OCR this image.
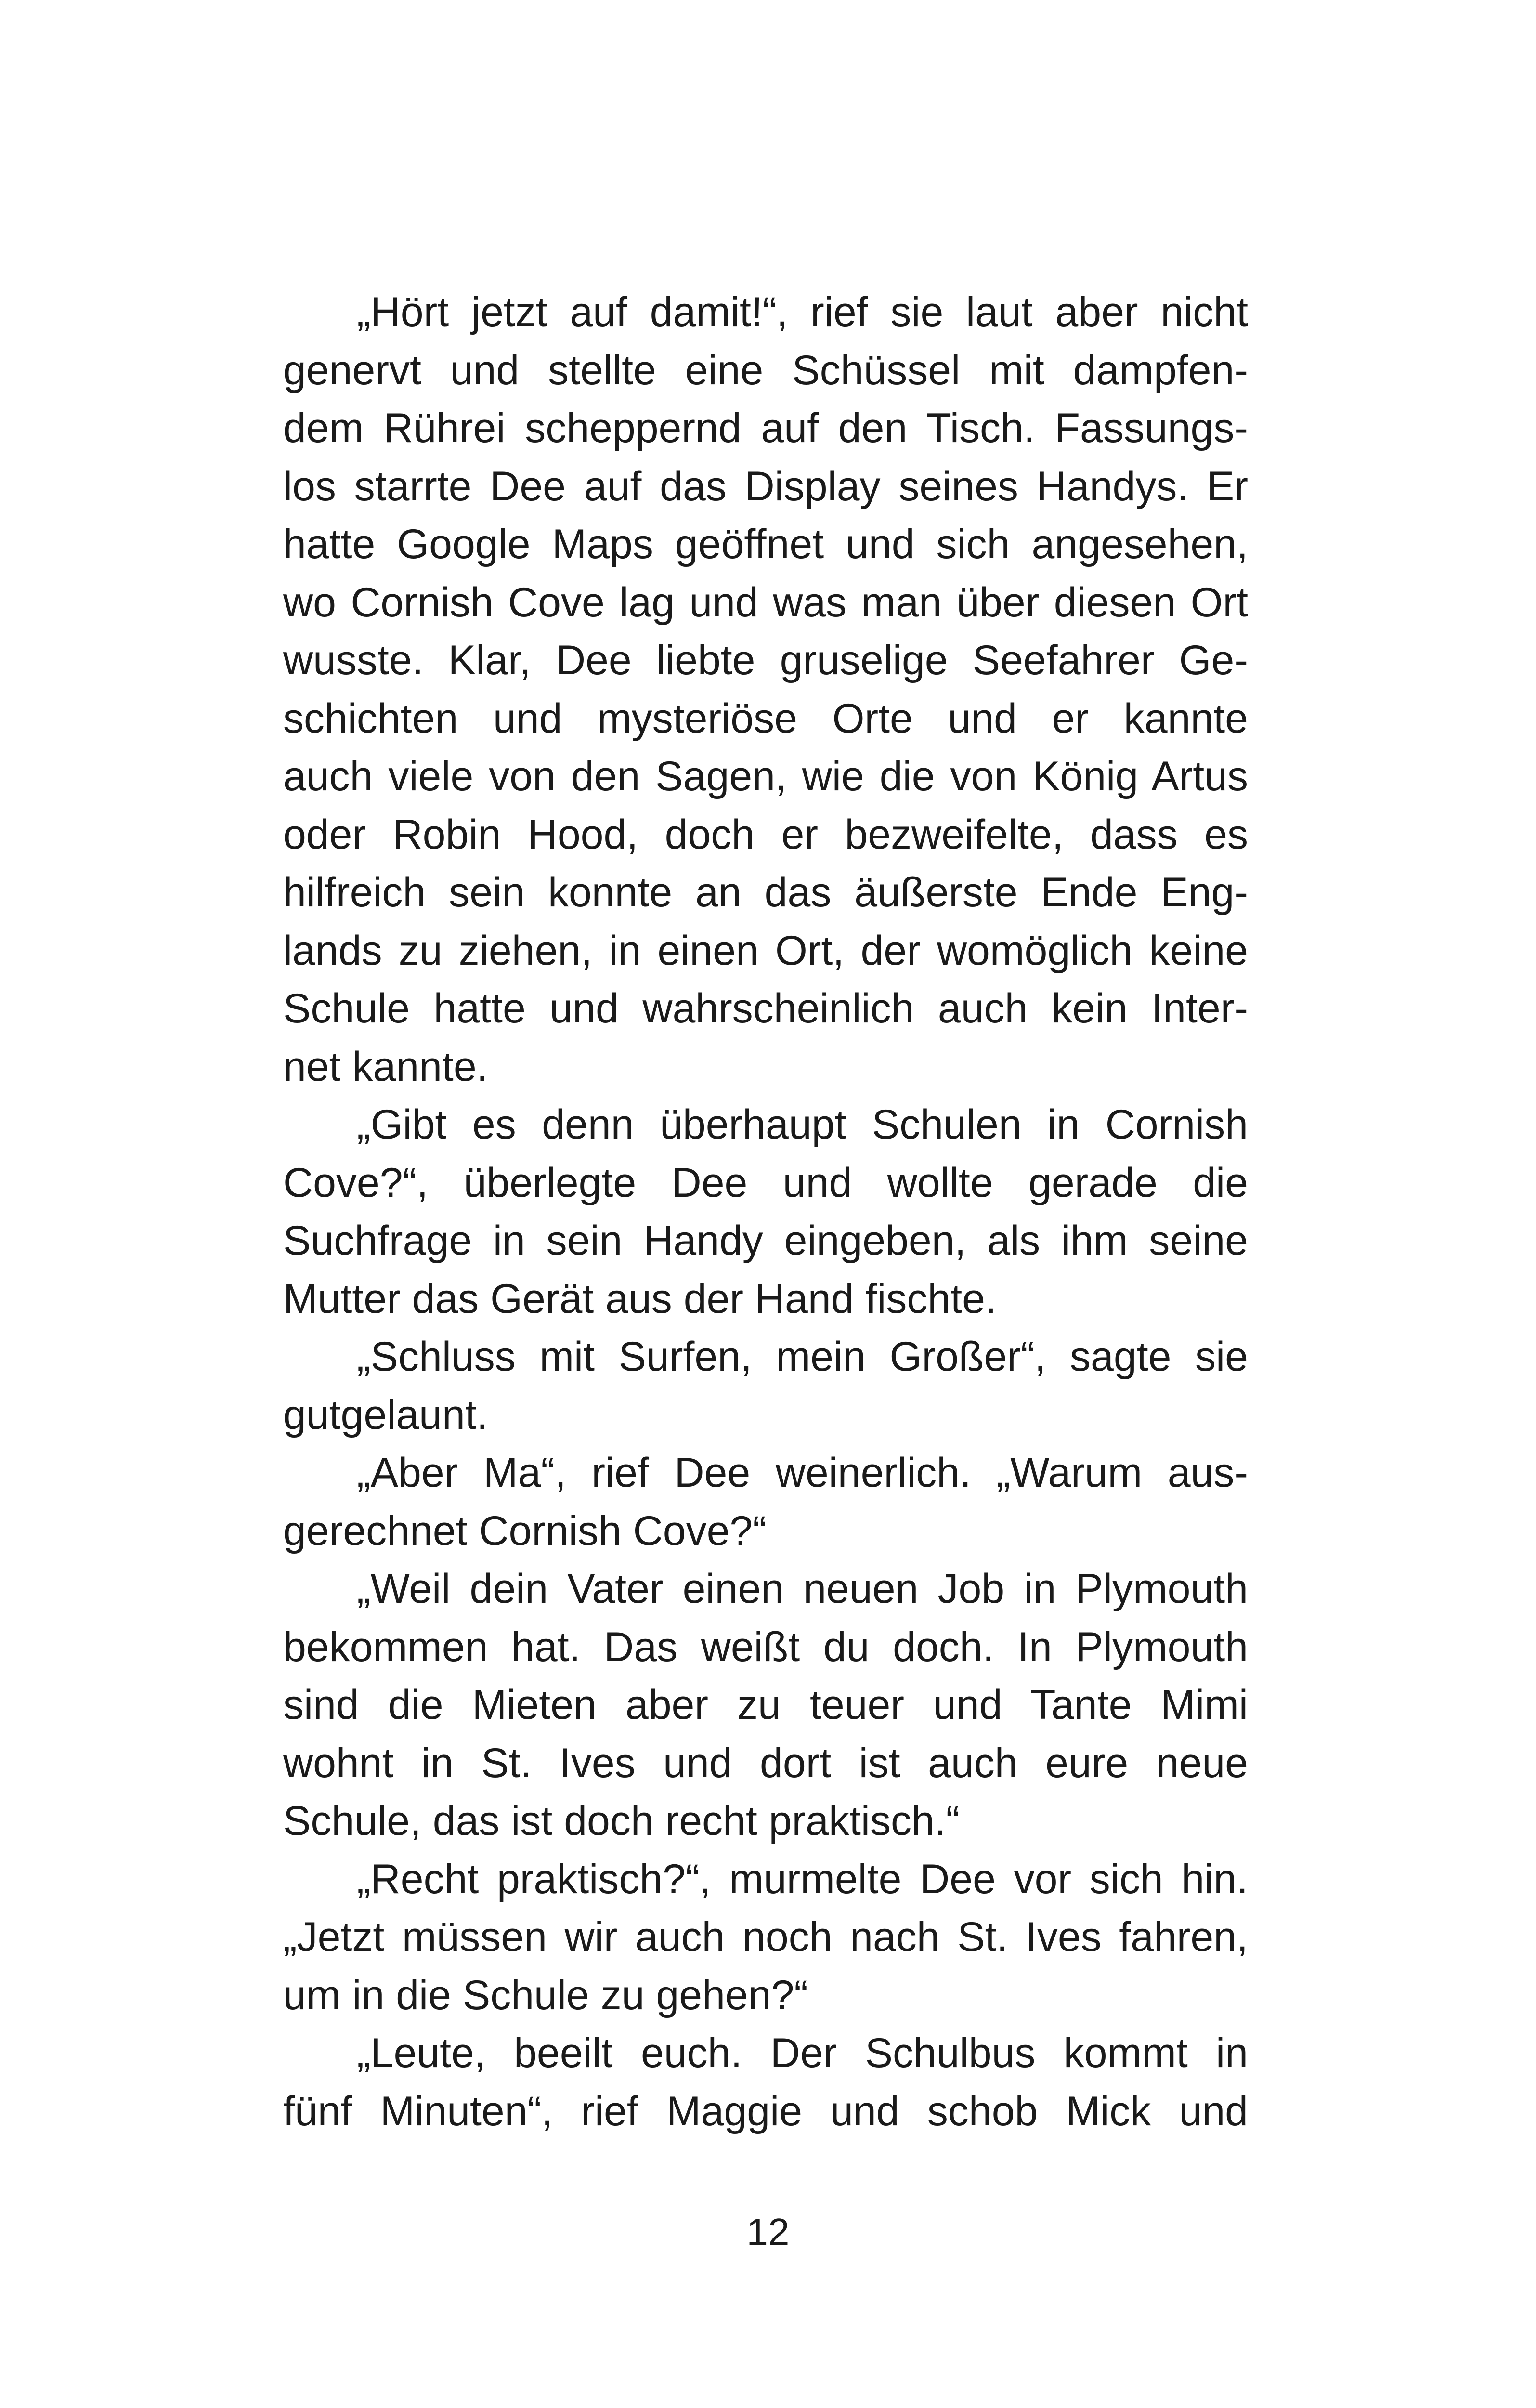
„Hört jetzt auf damit!“, rief sie laut aber nicht
genervt und stellte eine Schüssel mit dampfen-
dem Rührei scheppernd auf den Tisch. Fassungs-
los starrte Dee auf das Display seines Handys. Er
hatte Google Maps geöffnet und sich angesehen,
wo Cornish Cove lag und was man über diesen Ort
wusste. Klar, Dee liebte gruselige Seefahrer Ge-
schichten und mysteriöse Orte und er kannte
auch viele von den Sagen, wie die von König Artus
oder Robin Hood, doch er bezweifelte, dass es
hilfreich sein konnte an das äußerste Ende Eng-
lands zu ziehen, in einen Ort, der womöglich keine
Schule hatte und wahrscheinlich auch kein Inter-
net kannte.
„Gibt es denn überhaupt Schulen in Cornish
Cove?“, überlegte Dee und wollte gerade die
Suchfrage in sein Handy eingeben, als ihm seine
Mutter das Gerät aus der Hand fischte.
„Schluss mit Surfen, mein Großer“, sagte sie
gutgelaunt.
„Aber Ma“, rief Dee weinerlich. „Warum aus-
gerechnet Cornish Cove?“
„Weil dein Vater einen neuen Job in Plymouth
bekommen hat. Das weißt du doch. In Plymouth
sind die Mieten aber zu teuer und Tante Mimi
wohnt in St. Ives und dort ist auch eure neue
Schule, das ist doch recht praktisch.“
„Recht praktisch?“, murmelte Dee vor sich hin.
„Jetzt müssen wir auch noch nach St. Ives fahren,
um in die Schule zu gehen?“
„Leute, beeilt euch. Der Schulbus kommt in
fünf Minuten“, rief Maggie und schob Mick und
12
